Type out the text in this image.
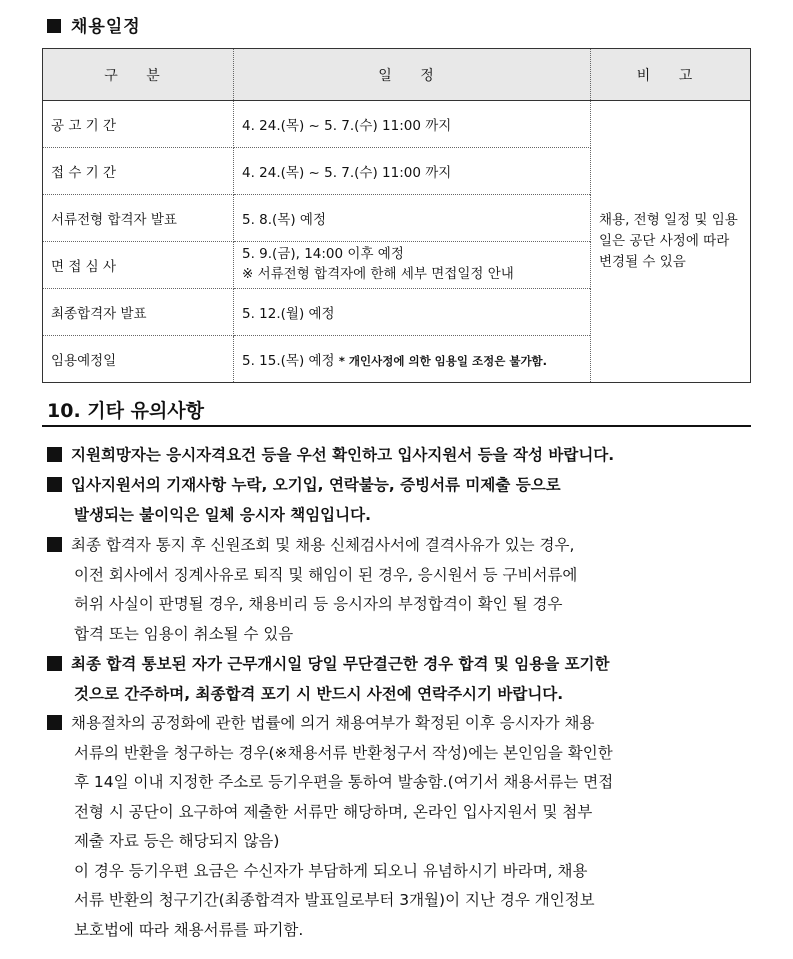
채용일정
구 분	일 정	비 고
공 고 기 간	4. 24.(목) ~ 5. 7.(수) 11:00 까지	채용, 전형 일정 및 임용일은 공단 사정에 따라 변경될 수 있음
접 수 기 간	4. 24.(목) ~ 5. 7.(수) 11:00 까지	
서류전형 합격자 발표	5. 8.(목) 예정	
면 접 심 사	5. 9.(금), 14:00 이후 예정
※ 서류전형 합격자에 한해 세부 면접일정 안내	

최종합격자 발표	5. 12.(월) 예정	
임용예정일	5. 15.(목) 예정 * 개인사정에 의한 임용일 조정은 불가함.	
10. 기타 유의사항
지원희망자는 응시자격요건 등을 우선 확인하고 입사지원서 등을 작성 바랍니다.
입사지원서의 기재사항 누락, 오기입, 연락불능, 증빙서류 미제출 등으로
발생되는 불이익은 일체 응시자 책임입니다.
최종 합격자 통지 후 신원조회 및 채용 신체검사서에 결격사유가 있는 경우,
이전 회사에서 징계사유로 퇴직 및 해임이 된 경우, 응시원서 등 구비서류에
허위 사실이 판명될 경우, 채용비리 등 응시자의 부정합격이 확인 될 경우
합격 또는 임용이 취소될 수 있음
최종 합격 통보된 자가 근무개시일 당일 무단결근한 경우 합격 및 임용을 포기한
것으로 간주하며, 최종합격 포기 시 반드시 사전에 연락주시기 바랍니다.
채용절차의 공정화에 관한 법률에 의거 채용여부가 확정된 이후 응시자가 채용
서류의 반환을 청구하는 경우(※채용서류 반환청구서 작성)에는 본인임을 확인한
후 14일 이내 지정한 주소로 등기우편을 통하여 발송함.(여기서 채용서류는 면접
전형 시 공단이 요구하여 제출한 서류만 해당하며, 온라인 입사지원서 및 첨부
제출 자료 등은 해당되지 않음)
이 경우 등기우편 요금은 수신자가 부담하게 되오니 유념하시기 바라며, 채용
서류 반환의 청구기간(최종합격자 발표일로부터 3개월)이 지난 경우 개인정보
보호법에 따라 채용서류를 파기함.
